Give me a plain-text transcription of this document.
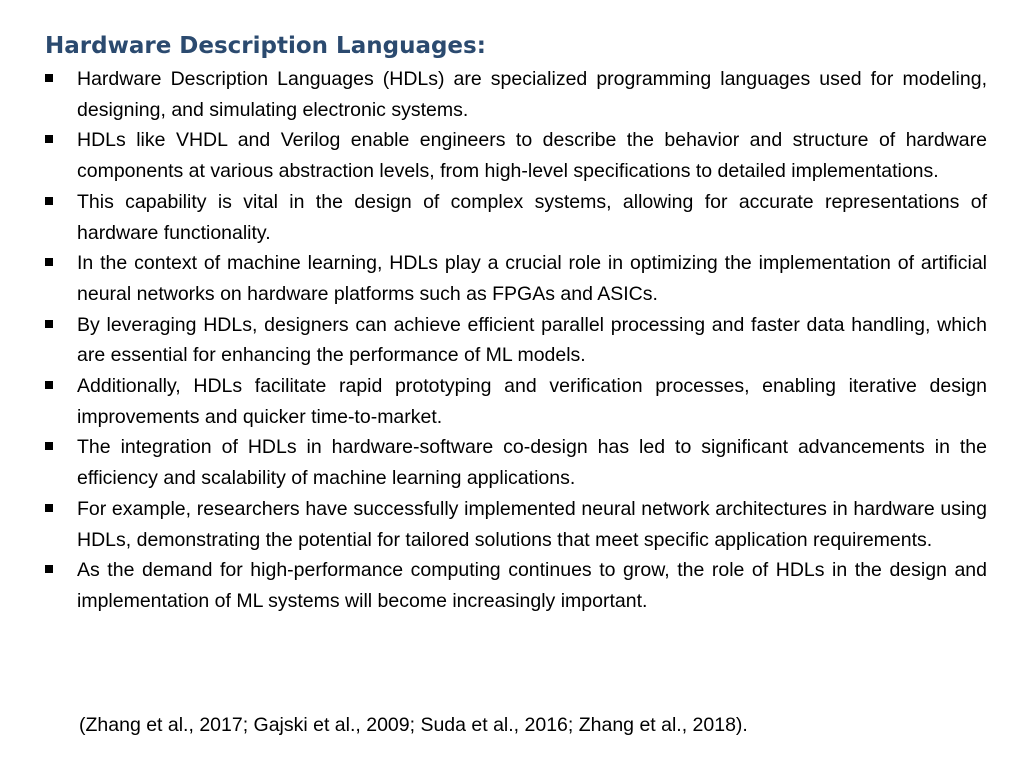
Hardware Description Languages:
Hardware Description Languages (HDLs) are specialized programming languages used for modeling, designing, and simulating electronic systems.
HDLs like VHDL and Verilog enable engineers to describe the behavior and structure of hardware components at various abstraction levels, from high-level specifications to detailed implementations.
This capability is vital in the design of complex systems, allowing for accurate representations of hardware functionality.
In the context of machine learning, HDLs play a crucial role in optimizing the implementation of artificial neural networks on hardware platforms such as FPGAs and ASICs.
By leveraging HDLs, designers can achieve efficient parallel processing and faster data handling, which are essential for enhancing the performance of ML models.
Additionally, HDLs facilitate rapid prototyping and verification processes, enabling iterative design improvements and quicker time-to-market.
The integration of HDLs in hardware-software co-design has led to significant advancements in the efficiency and scalability of machine learning applications.
For example, researchers have successfully implemented neural network architectures in hardware using HDLs, demonstrating the potential for tailored solutions that meet specific application requirements.
As the demand for high-performance computing continues to grow, the role of HDLs in the design and implementation of ML systems will become increasingly important.
(Zhang et al., 2017; Gajski et al., 2009; Suda et al., 2016; Zhang et al., 2018).
